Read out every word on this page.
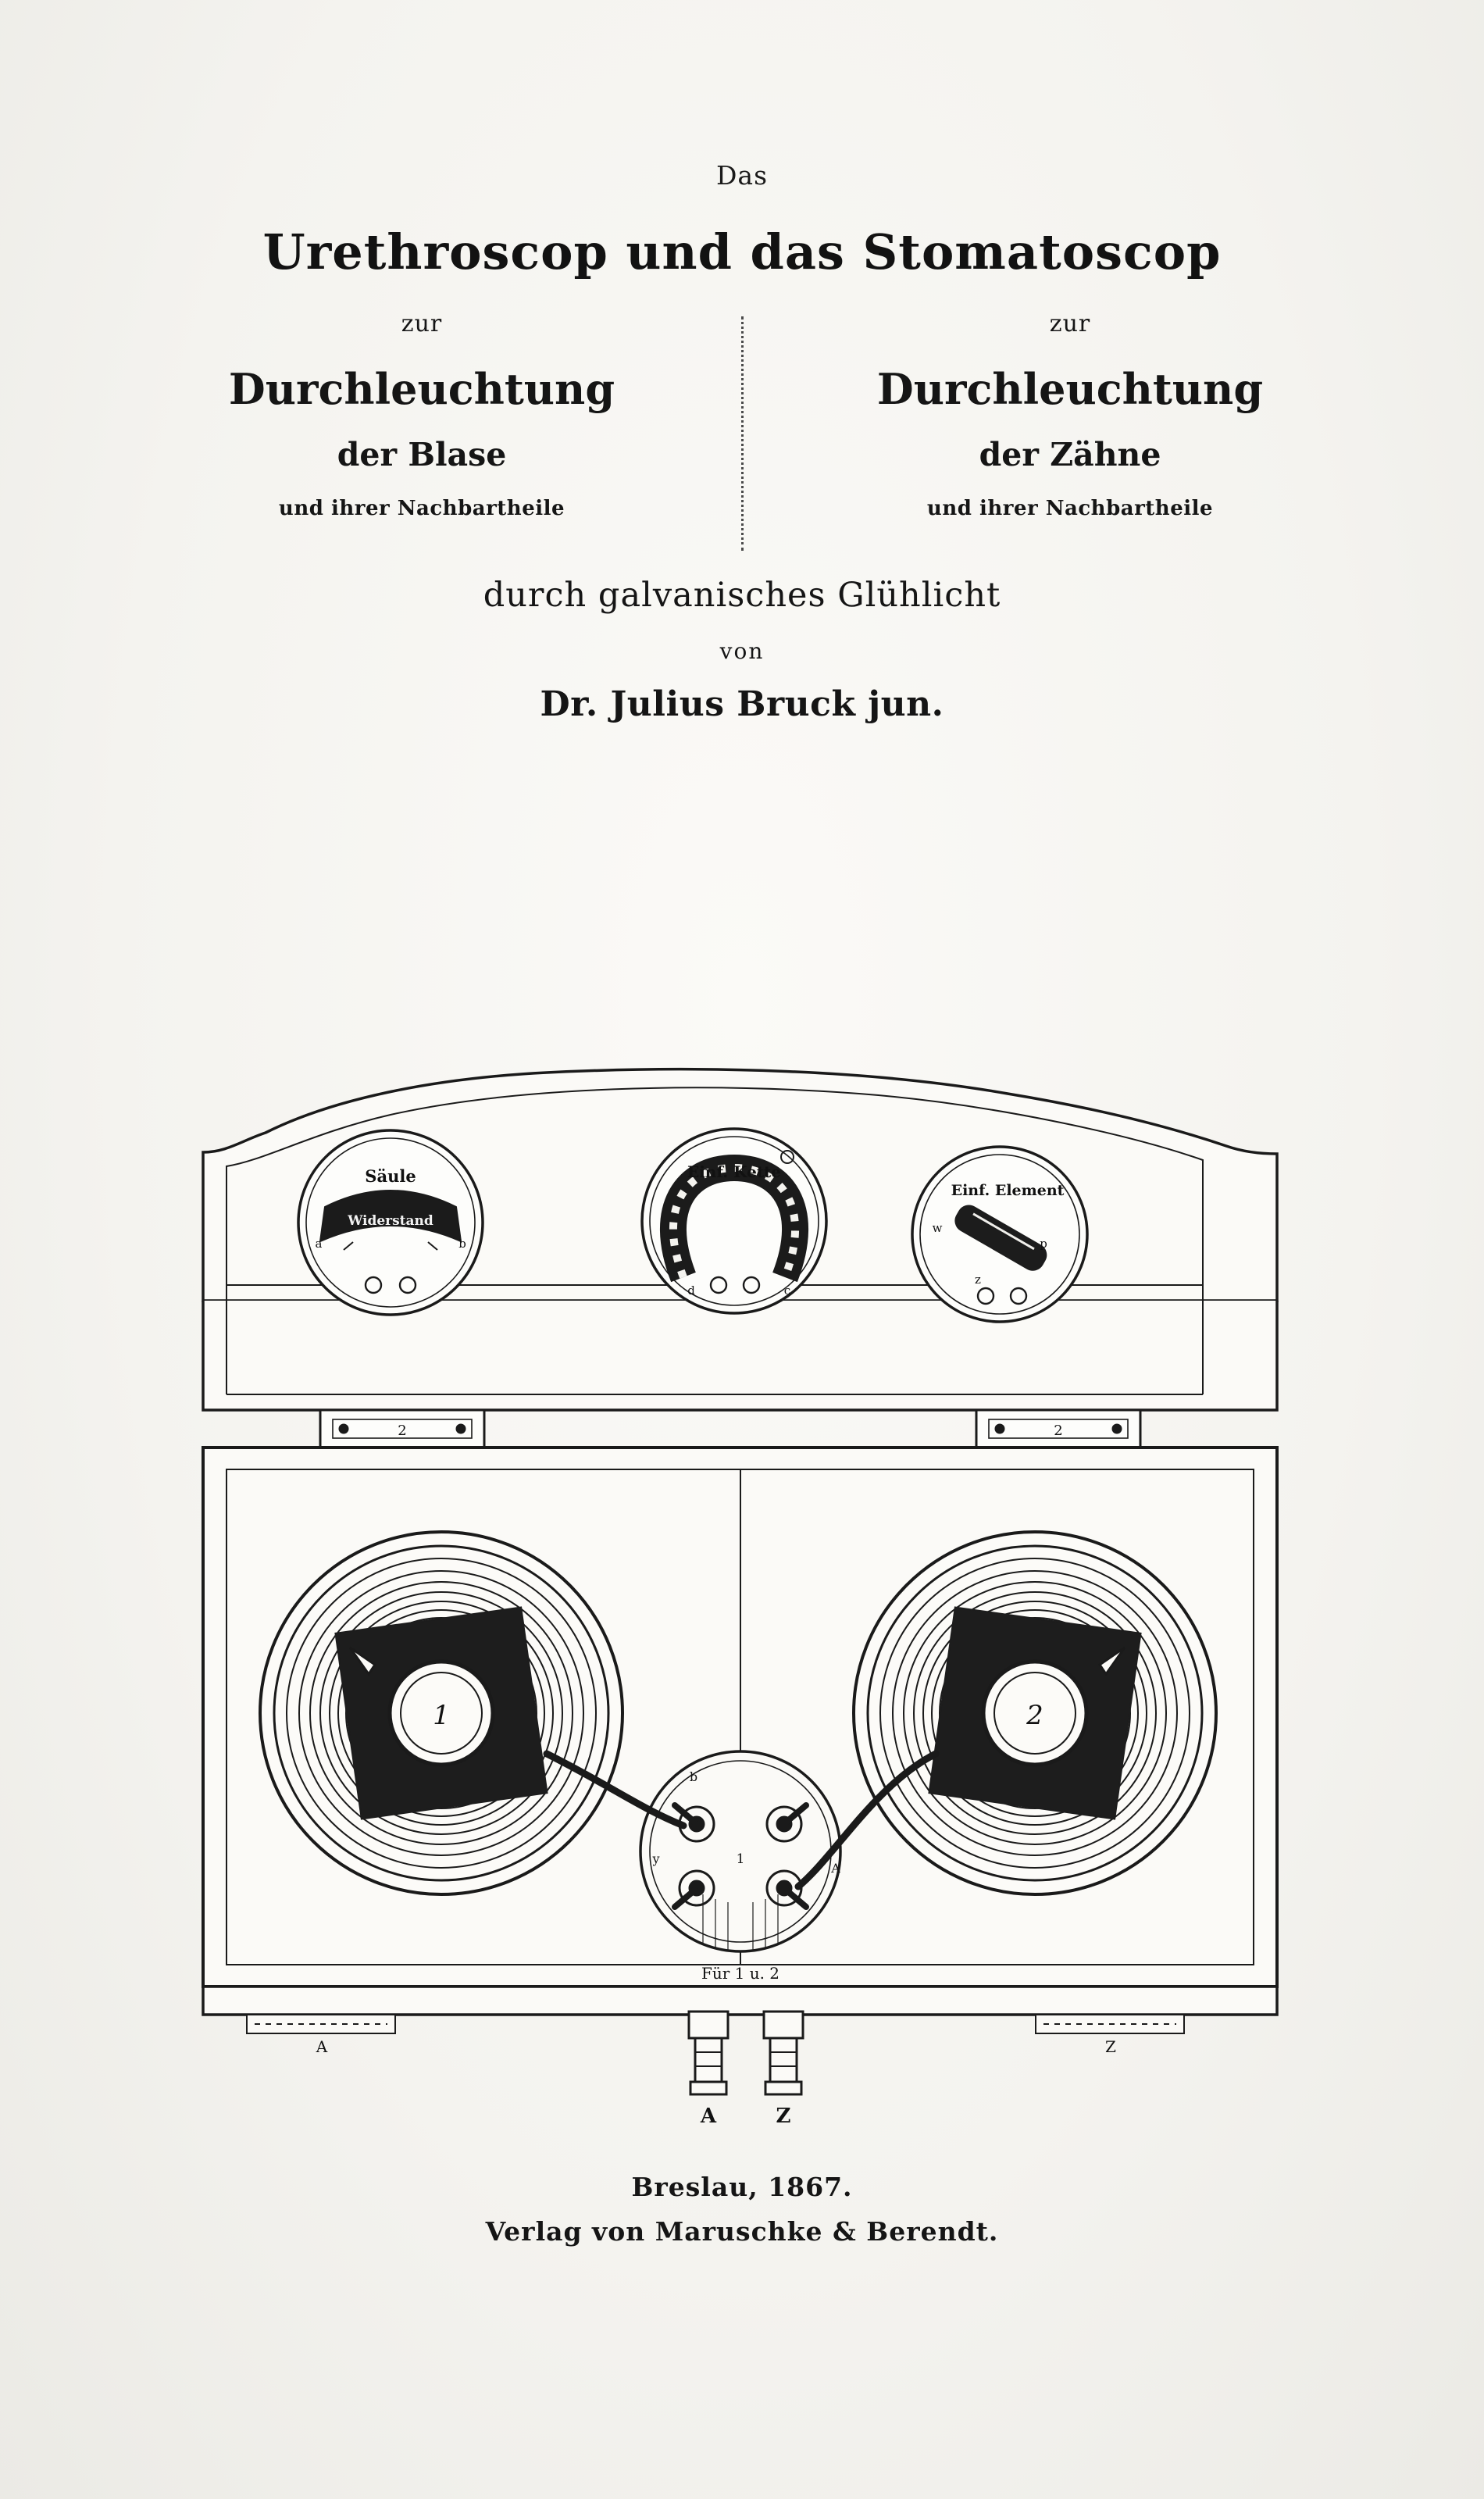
Das
Urethroscop und das Stomatoscop
zur
Durchleuchtung
der Blase
und ihrer Nachbartheile
zur
Durchleuchtung
der Zähne
und ihrer Nachbartheile
durch galvanisches Glühlicht
von
Dr. Julius Bruck jun.
Säule
Widerstand
a	b
Einf. Kette
d	c
Einf. Element
w
p
z
2	2
1	2
1
y
A
b
Für 1 u. 2
A	Z
A	Z
Breslau, 1867.
Verlag von Maruschke & Berendt.
